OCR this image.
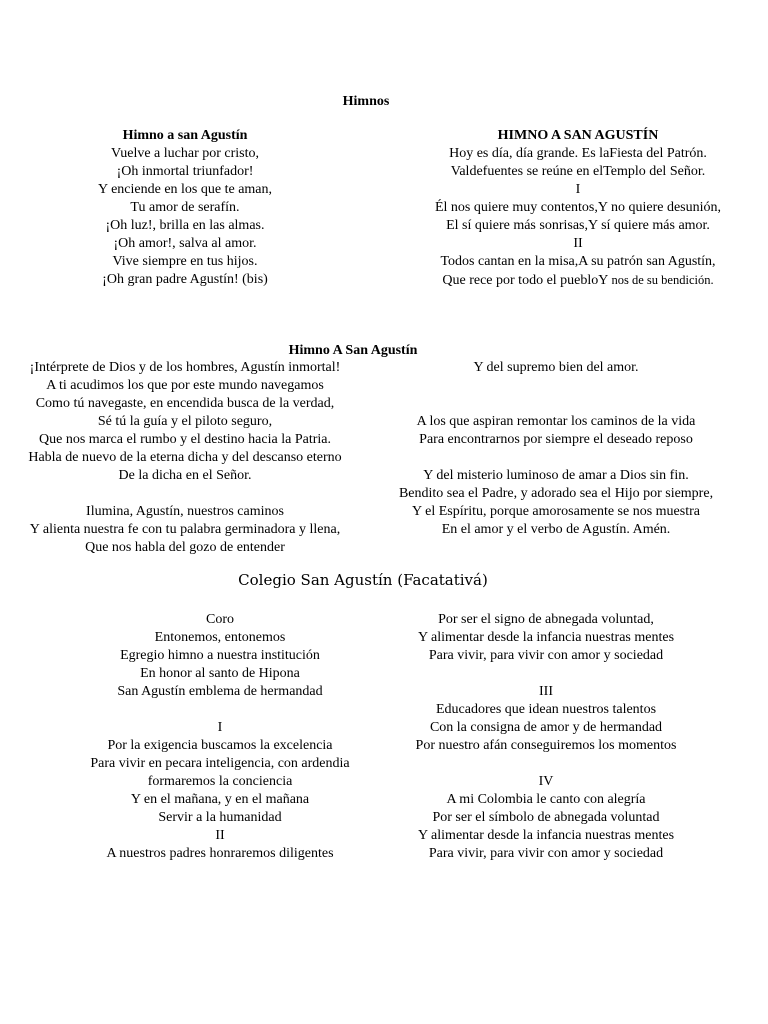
Himnos
Himno a san Agustín
Vuelve a luchar por cristo,
¡Oh inmortal triunfador!
Y enciende en los que te aman,
Tu amor de serafín.
¡Oh luz!, brilla en las almas.
¡Oh amor!, salva al amor.
Vive siempre en tus hijos.
¡Oh gran padre Agustín! (bis)
HIMNO A SAN AGUSTÍN
Hoy es día, día grande. Es laFiesta del Patrón.
Valdefuentes se reúne en elTemplo del Señor.
I
Él nos quiere muy contentos,Y no quiere desunión,
El sí quiere más sonrisas,Y sí quiere más amor.
II
Todos cantan en la misa,A su patrón san Agustín,
Que rece por todo el puebloY nos de su bendición.
Himno A San Agustín
¡Intérprete de Dios y de los hombres, Agustín inmortal!
A ti acudimos los que por este mundo navegamos
Como tú navegaste, en encendida busca de la verdad,
Sé tú la guía y el piloto seguro,
Que nos marca el rumbo y el destino hacia la Patria.
Habla de nuevo de la eterna dicha y del descanso eterno
De la dicha en el Señor.
Ilumina, Agustín, nuestros caminos
Y alienta nuestra fe con tu palabra germinadora y llena,
Que nos habla del gozo de entender
Y del supremo bien del amor.
A los que aspiran remontar los caminos de la vida
Para encontrarnos por siempre el deseado reposo
Y del misterio luminoso de amar a Dios sin fin.
Bendito sea el Padre, y adorado sea el Hijo por siempre,
Y el Espíritu, porque amorosamente se nos muestra
En el amor y el verbo de Agustín. Amén.
Colegio San Agustín (Facatativá)
Coro
Entonemos, entonemos
Egregio himno a nuestra institución
En honor al santo de Hipona
San Agustín emblema de hermandad
I
Por la exigencia buscamos la excelencia
Para vivir en pecara inteligencia, con ardendia
formaremos la conciencia
Y en el mañana, y en el mañana
Servir a la humanidad
II
A nuestros padres honraremos diligentes
Por ser el signo de abnegada voluntad,
Y alimentar desde la infancia nuestras mentes
Para vivir, para vivir con amor y sociedad
III
Educadores que idean nuestros talentos
Con la consigna de amor y de hermandad
Por nuestro afán conseguiremos los momentos
IV
A mi Colombia le canto con alegría
Por ser el símbolo de abnegada voluntad
Y alimentar desde la infancia nuestras mentes
Para vivir, para vivir con amor y sociedad
